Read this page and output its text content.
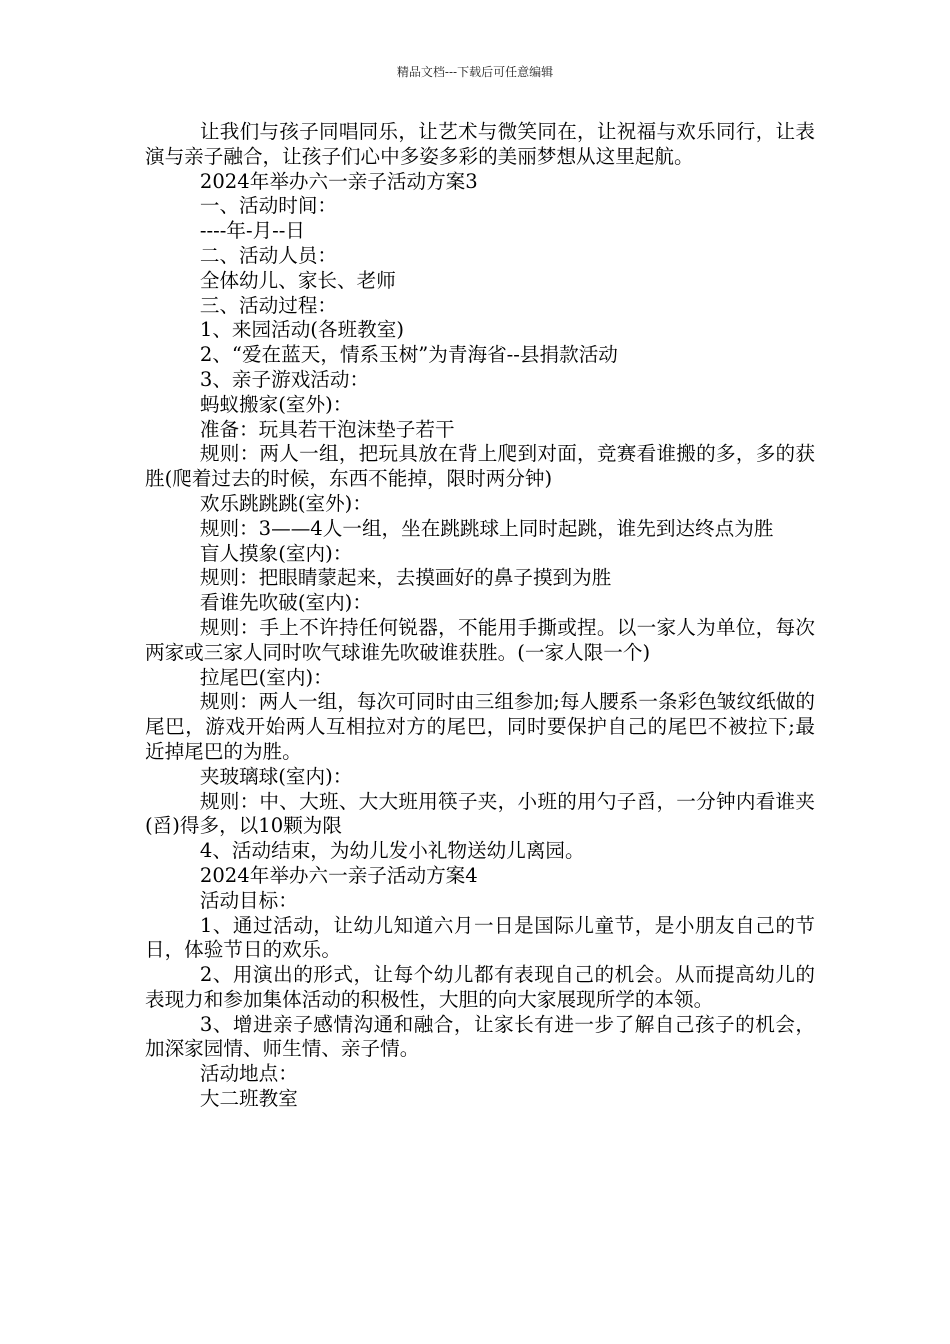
精品文档---下载后可任意编辑

让我们与孩子同唱同乐，让艺术与微笑同在，让祝福与欢乐同行，让表演与亲子融合，让孩子们心中多姿多彩的美丽梦想从这里起航。

2024年举办六一亲子活动方案3

一、活动时间：

----年-月--日

二、活动人员：

全体幼儿、家长、老师

三、活动过程：

1、来园活动(各班教室)

2、“爱在蓝天，情系玉树”为青海省--县捐款活动

3、亲子游戏活动：

蚂蚁搬家(室外)：

准备：玩具若干泡沫垫子若干

规则：两人一组，把玩具放在背上爬到对面，竞赛看谁搬的多，多的获胜(爬着过去的时候，东西不能掉，限时两分钟)

欢乐跳跳跳(室外)：

规则：3——4人一组，坐在跳跳球上同时起跳，谁先到达终点为胜

盲人摸象(室内)：

规则：把眼睛蒙起来，去摸画好的鼻子摸到为胜

看谁先吹破(室内)：

规则：手上不许持任何锐器，不能用手撕或捏。以一家人为单位，每次两家或三家人同时吹气球谁先吹破谁获胜。(一家人限一个)

拉尾巴(室内)：

规则：两人一组，每次可同时由三组参加;每人腰系一条彩色皱纹纸做的尾巴，游戏开始两人互相拉对方的尾巴，同时要保护自己的尾巴不被拉下;最近掉尾巴的为胜。

夹玻璃球(室内)：

规则：中、大班、大大班用筷子夹，小班的用勺子舀，一分钟内看谁夹(舀)得多，以10颗为限

4、活动结束，为幼儿发小礼物送幼儿离园。

2024年举办六一亲子活动方案4

活动目标：

1、通过活动，让幼儿知道六月一日是国际儿童节，是小朋友自己的节日，体验节日的欢乐。

2、用演出的形式，让每个幼儿都有表现自己的机会。从而提高幼儿的表现力和参加集体活动的积极性，大胆的向大家展现所学的本领。

3、增进亲子感情沟通和融合，让家长有进一步了解自己孩子的机会，加深家园情、师生情、亲子情。

活动地点：

大二班教室
